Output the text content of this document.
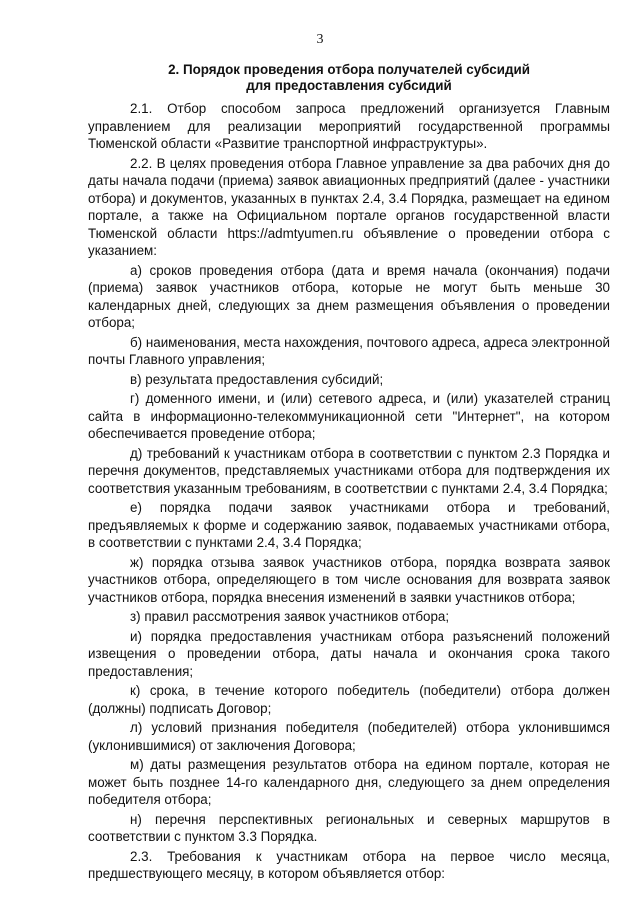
3
2. Порядок проведения отбора получателей субсидий
для предоставления субсидий

2.1. Отбор способом запроса предложений организуется Главным управлением для реализации мероприятий государственной программы Тюменской области «Развитие транспортной инфраструктуры».

2.2. В целях проведения отбора Главное управление за два рабочих дня до даты начала подачи (приема) заявок авиационных предприятий (далее - участники отбора) и документов, указанных в пунктах 2.4, 3.4 Порядка, размещает на едином портале, а также на Официальном портале органов государственной власти Тюменской области https://admtyumen.ru объявление о проведении отбора с указанием:

а) сроков проведения отбора (дата и время начала (окончания) подачи (приема) заявок участников отбора, которые не могут быть меньше 30 календарных дней, следующих за днем размещения объявления о проведении отбора;

б) наименования, места нахождения, почтового адреса, адреса электронной почты Главного управления;

в) результата предоставления субсидий;

г) доменного имени, и (или) сетевого адреса, и (или) указателей страниц сайта в информационно-телекоммуникационной сети "Интернет", на котором обеспечивается проведение отбора;

д) требований к участникам отбора в соответствии с пунктом 2.3 Порядка и перечня документов, представляемых участниками отбора для подтверждения их соответствия указанным требованиям, в соответствии с пунктами 2.4, 3.4 Порядка;

е) порядка подачи заявок участниками отбора и требований, предъявляемых к форме и содержанию заявок, подаваемых участниками отбора, в соответствии с пунктами 2.4, 3.4 Порядка;

ж) порядка отзыва заявок участников отбора, порядка возврата заявок участников отбора, определяющего в том числе основания для возврата заявок участников отбора, порядка внесения изменений в заявки участников отбора;

з) правил рассмотрения заявок участников отбора;

и) порядка предоставления участникам отбора разъяснений положений извещения о проведении отбора, даты начала и окончания срока такого предоставления;

к) срока, в течение которого победитель (победители) отбора должен (должны) подписать Договор;

л) условий признания победителя (победителей) отбора уклонившимся (уклонившимися) от заключения Договора;

м) даты размещения результатов отбора на едином портале, которая не может быть позднее 14-го календарного дня, следующего за днем определения победителя отбора;

н) перечня перспективных региональных и северных маршрутов в соответствии с пунктом 3.3 Порядка.

2.3. Требования к участникам отбора на первое число месяца, предшествующего месяцу, в котором объявляется отбор:
